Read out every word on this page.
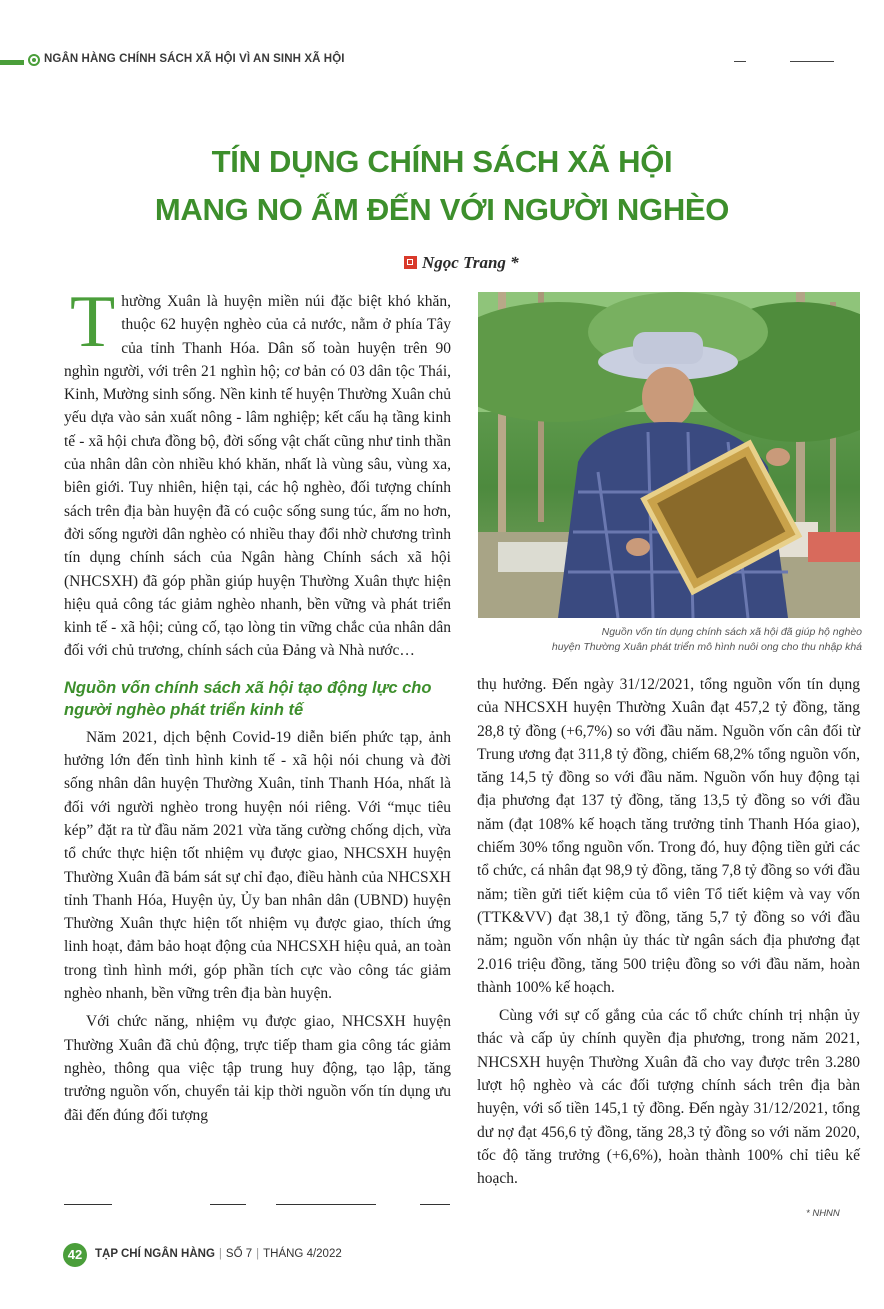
NGÂN HÀNG CHÍNH SÁCH XÃ HỘI VÌ AN SINH XÃ HỘI
TÍN DỤNG CHÍNH SÁCH XÃ HỘI
MANG NO ẤM ĐẾN VỚI NGƯỜI NGHÈO
Ngọc Trang *

Thường Xuân là huyện miền núi đặc biệt khó khăn, thuộc 62 huyện nghèo của cả nước, nằm ở phía Tây của tỉnh Thanh Hóa. Dân số toàn huyện trên 90 nghìn người, với trên 21 nghìn hộ; cơ bản có 03 dân tộc Thái, Kinh, Mường sinh sống. Nền kinh tế huyện Thường Xuân chủ yếu dựa vào sản xuất nông - lâm nghiệp; kết cấu hạ tầng kinh tế - xã hội chưa đồng bộ, đời sống vật chất cũng như tinh thần của nhân dân còn nhiều khó khăn, nhất là vùng sâu, vùng xa, biên giới. Tuy nhiên, hiện tại, các hộ nghèo, đối tượng chính sách trên địa bàn huyện đã có cuộc sống sung túc, ấm no hơn, đời sống người dân nghèo có nhiều thay đổi nhờ chương trình tín dụng chính sách của Ngân hàng Chính sách xã hội (NHCSXH) đã góp phần giúp huyện Thường Xuân thực hiện hiệu quả công tác giảm nghèo nhanh, bền vững và phát triển kinh tế - xã hội; củng cố, tạo lòng tin vững chắc của nhân dân đối với chủ trương, chính sách của Đảng và Nhà nước…

Nguồn vốn chính sách xã hội tạo động lực cho người nghèo phát triển kinh tế

Năm 2021, dịch bệnh Covid-19 diễn biến phức tạp, ảnh hưởng lớn đến tình hình kinh tế - xã hội nói chung và đời sống nhân dân huyện Thường Xuân, tỉnh Thanh Hóa, nhất là đối với người nghèo trong huyện nói riêng. Với “mục tiêu kép” đặt ra từ đầu năm 2021 vừa tăng cường chống dịch, vừa tổ chức thực hiện tốt nhiệm vụ được giao, NHCSXH huyện Thường Xuân đã bám sát sự chỉ đạo, điều hành của NHCSXH tỉnh Thanh Hóa, Huyện ủy, Ủy ban nhân dân (UBND) huyện Thường Xuân thực hiện tốt nhiệm vụ được giao, thích ứng linh hoạt, đảm bảo hoạt động của NHCSXH hiệu quả, an toàn trong tình hình mới, góp phần tích cực vào công tác giảm nghèo nhanh, bền vững trên địa bàn huyện.

Với chức năng, nhiệm vụ được giao, NHCSXH huyện Thường Xuân đã chủ động, trực tiếp tham gia công tác giảm nghèo, thông qua việc tập trung huy động, tạo lập, tăng trưởng nguồn vốn, chuyển tải kịp thời nguồn vốn tín dụng ưu đãi đến đúng đối tượng

Nguồn vốn tín dụng chính sách xã hội đã giúp hộ nghèo
huyện Thường Xuân phát triển mô hình nuôi ong cho thu nhập khá

thụ hưởng. Đến ngày 31/12/2021, tổng nguồn vốn tín dụng của NHCSXH huyện Thường Xuân đạt 457,2 tỷ đồng, tăng 28,8 tỷ đồng (+6,7%) so với đầu năm. Nguồn vốn cân đối từ Trung ương đạt 311,8 tỷ đồng, chiếm 68,2% tổng nguồn vốn, tăng 14,5 tỷ đồng so với đầu năm. Nguồn vốn huy động tại địa phương đạt 137 tỷ đồng, tăng 13,5 tỷ đồng so với đầu năm (đạt 108% kế hoạch tăng trưởng tỉnh Thanh Hóa giao), chiếm 30% tổng nguồn vốn. Trong đó, huy động tiền gửi các tổ chức, cá nhân đạt 98,9 tỷ đồng, tăng 7,8 tỷ đồng so với đầu năm; tiền gửi tiết kiệm của tổ viên Tổ tiết kiệm và vay vốn (TTK&VV) đạt 38,1 tỷ đồng, tăng 5,7 tỷ đồng so với đầu năm; nguồn vốn nhận ủy thác từ ngân sách địa phương đạt 2.016 triệu đồng, tăng 500 triệu đồng so với đầu năm, hoàn thành 100% kế hoạch.

Cùng với sự cố gắng của các tổ chức chính trị nhận ủy thác và cấp ủy chính quyền địa phương, trong năm 2021, NHCSXH huyện Thường Xuân đã cho vay được trên 3.280 lượt hộ nghèo và các đối tượng chính sách trên địa bàn huyện, với số tiền 145,1 tỷ đồng. Đến ngày 31/12/2021, tổng dư nợ đạt 456,6 tỷ đồng, tăng 28,3 tỷ đồng so với năm 2020, tốc độ tăng trưởng (+6,6%), hoàn thành 100% chỉ tiêu kế hoạch.

* NHNN
42	TẠP CHÍ NGÂN HÀNG | SỐ 7 | THÁNG 4/2022
